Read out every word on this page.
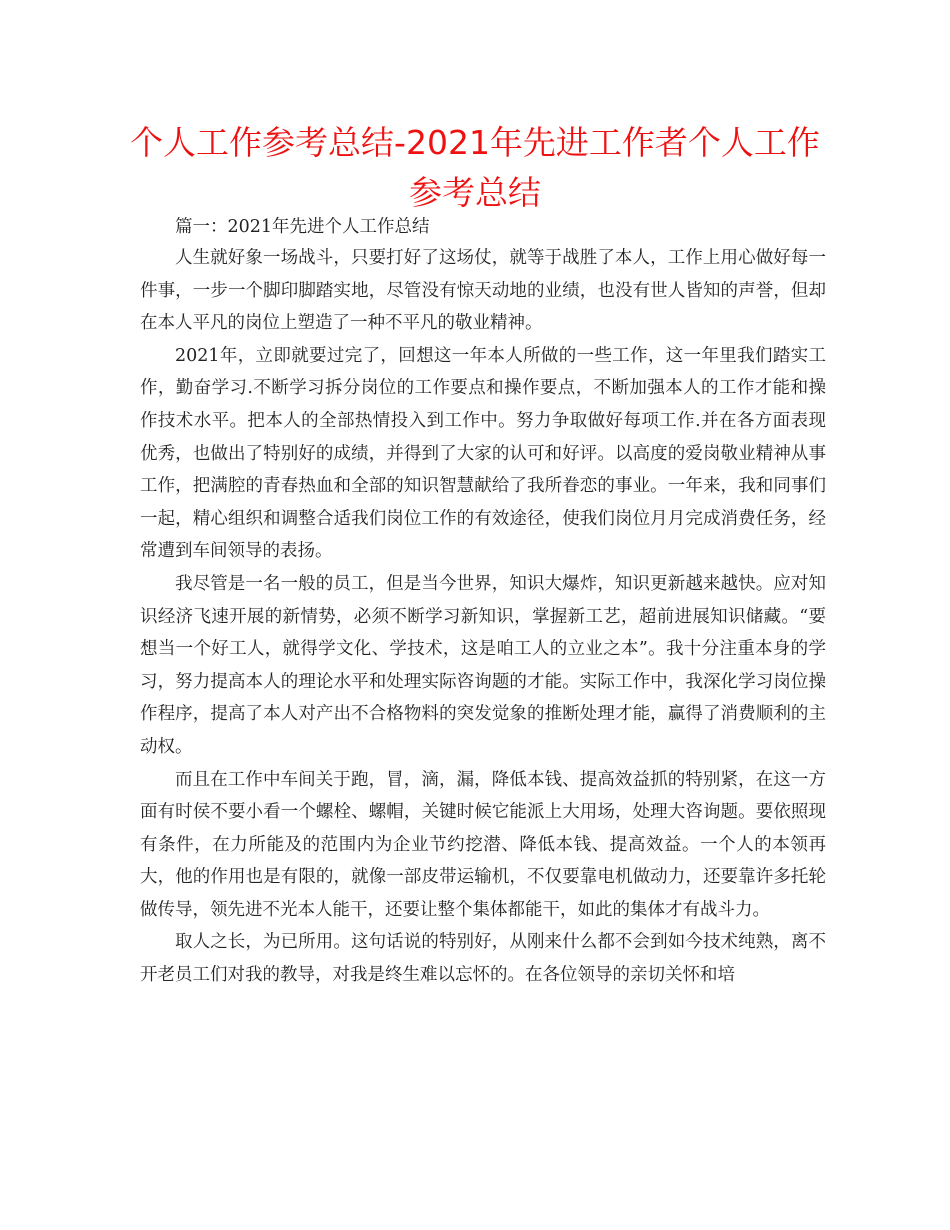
个人工作参考总结-2021年先进工作者个人工作参考总结

篇一：2021年先进个人工作总结

人生就好象一场战斗，只要打好了这场仗，就等于战胜了本人，工作上用心做好每一件事，一步一个脚印脚踏实地，尽管没有惊天动地的业绩，也没有世人皆知的声誉，但却在本人平凡的岗位上塑造了一种不平凡的敬业精神。

2021年，立即就要过完了，回想这一年本人所做的一些工作，这一年里我们踏实工作，勤奋学习.不断学习拆分岗位的工作要点和操作要点，不断加强本人的工作才能和操作技术水平。把本人的全部热情投入到工作中。努力争取做好每项工作.并在各方面表现优秀，也做出了特别好的成绩，并得到了大家的认可和好评。以高度的爱岗敬业精神从事工作，把满腔的青春热血和全部的知识智慧献给了我所眷恋的事业。一年来，我和同事们一起，精心组织和调整合适我们岗位工作的有效途径，使我们岗位月月完成消费任务，经常遭到车间领导的表扬。

我尽管是一名一般的员工，但是当今世界，知识大爆炸，知识更新越来越快。应对知识经济飞速开展的新情势，必须不断学习新知识，掌握新工艺，超前进展知识储藏。“要想当一个好工人，就得学文化、学技术，这是咱工人的立业之本”。我十分注重本身的学习，努力提高本人的理论水平和处理实际咨询题的才能。实际工作中，我深化学习岗位操作程序，提高了本人对产出不合格物料的突发觉象的推断处理才能，赢得了消费顺利的主动权。

而且在工作中车间关于跑，冒，滴，漏，降低本钱、提高效益抓的特别紧，在这一方面有时侯不要小看一个螺栓、螺帽，关键时候它能派上大用场，处理大咨询题。要依照现有条件，在力所能及的范围内为企业节约挖潜、降低本钱、提高效益。一个人的本领再大，他的作用也是有限的，就像一部皮带运输机，不仅要靠电机做动力，还要靠许多托轮做传导，领先进不光本人能干，还要让整个集体都能干，如此的集体才有战斗力。

取人之长，为已所用。这句话说的特别好，从刚来什么都不会到如今技术纯熟，离不开老员工们对我的教导，对我是终生难以忘怀的。在各位领导的亲切关怀和培
